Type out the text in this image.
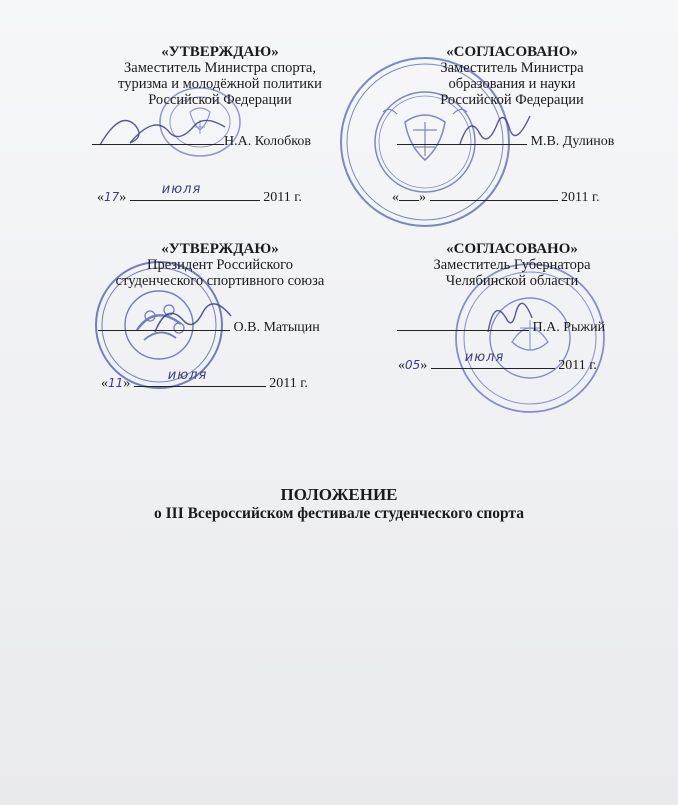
«УТВЕРЖДАЮ»
Заместитель Министра спорта,
туризма и молодёжной политики
Российской Федерации
Н.А. Колобков
«17»
июля
2011 г.
«СОГЛАСОВАНО»
Заместитель Министра
образования и науки
Российской Федерации
М.В. Дулинов
« »	2011 г.
«УТВЕРЖДАЮ»
Президент Российского
студенческого спортивного союза
О.В. Матыцин
«11»
июля
2011 г.
«СОГЛАСОВАНО»
Заместитель Губернатора
Челябинской области
П.А. Рыжий
«05»
июля
2011 г.
ПОЛОЖЕНИЕ
о III Всероссийском фестивале студенческого спорта
